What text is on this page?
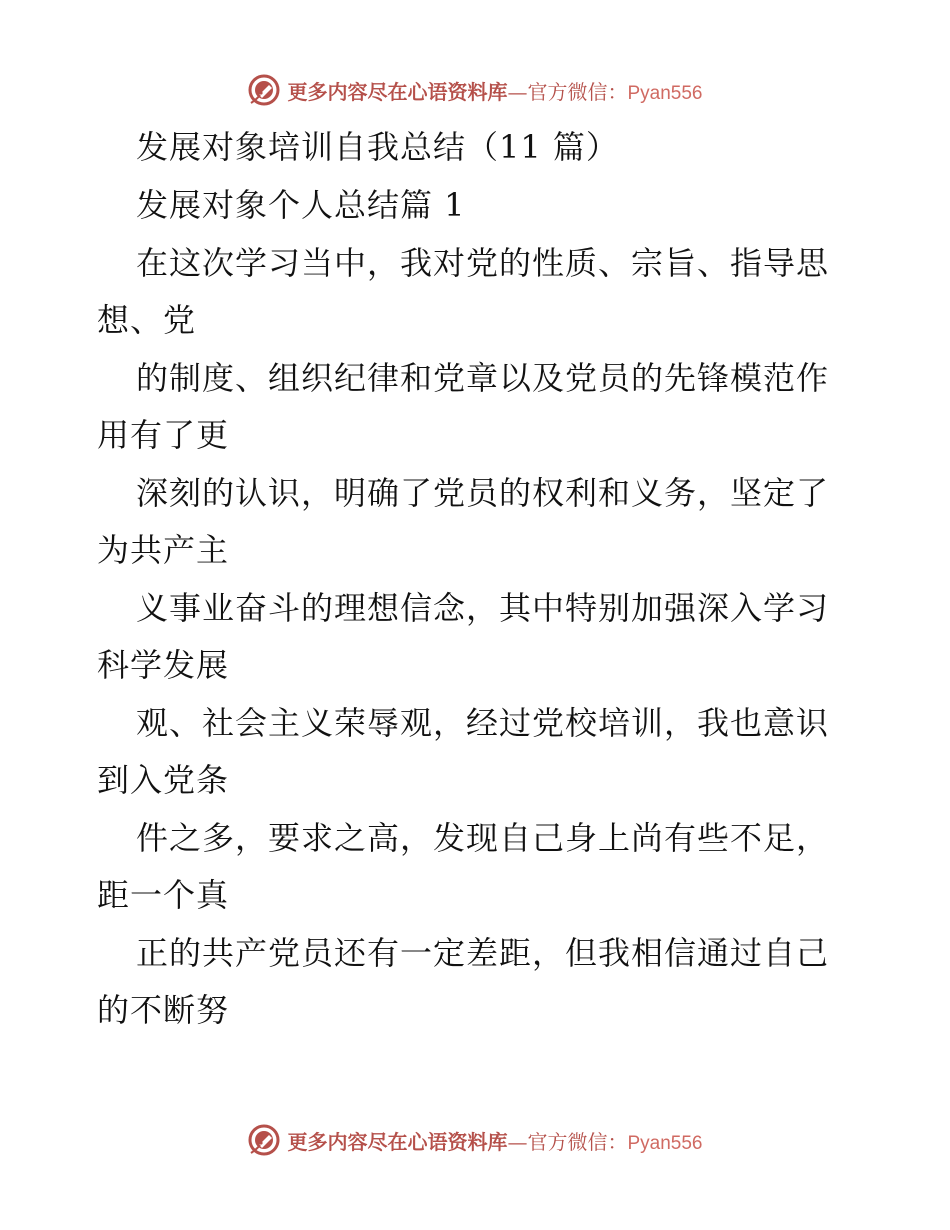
更多内容尽在心语资料库 — 官方微信： Pyan556
发展对象培训自我总结（11 篇）
发展对象个人总结篇 1
在这次学习当中，我对党的性质、宗旨、指导思
想、党
的制度、组织纪律和党章以及党员的先锋模范作
用有了更
深刻的认识，明确了党员的权利和义务，坚定了
为共产主
义事业奋斗的理想信念，其中特别加强深入学习
科学发展
观、社会主义荣辱观，经过党校培训，我也意识
到入党条
件之多，要求之高，发现自己身上尚有些不足，
距一个真
正的共产党员还有一定差距，但我相信通过自己
的不断努
更多内容尽在心语资料库 — 官方微信： Pyan556
